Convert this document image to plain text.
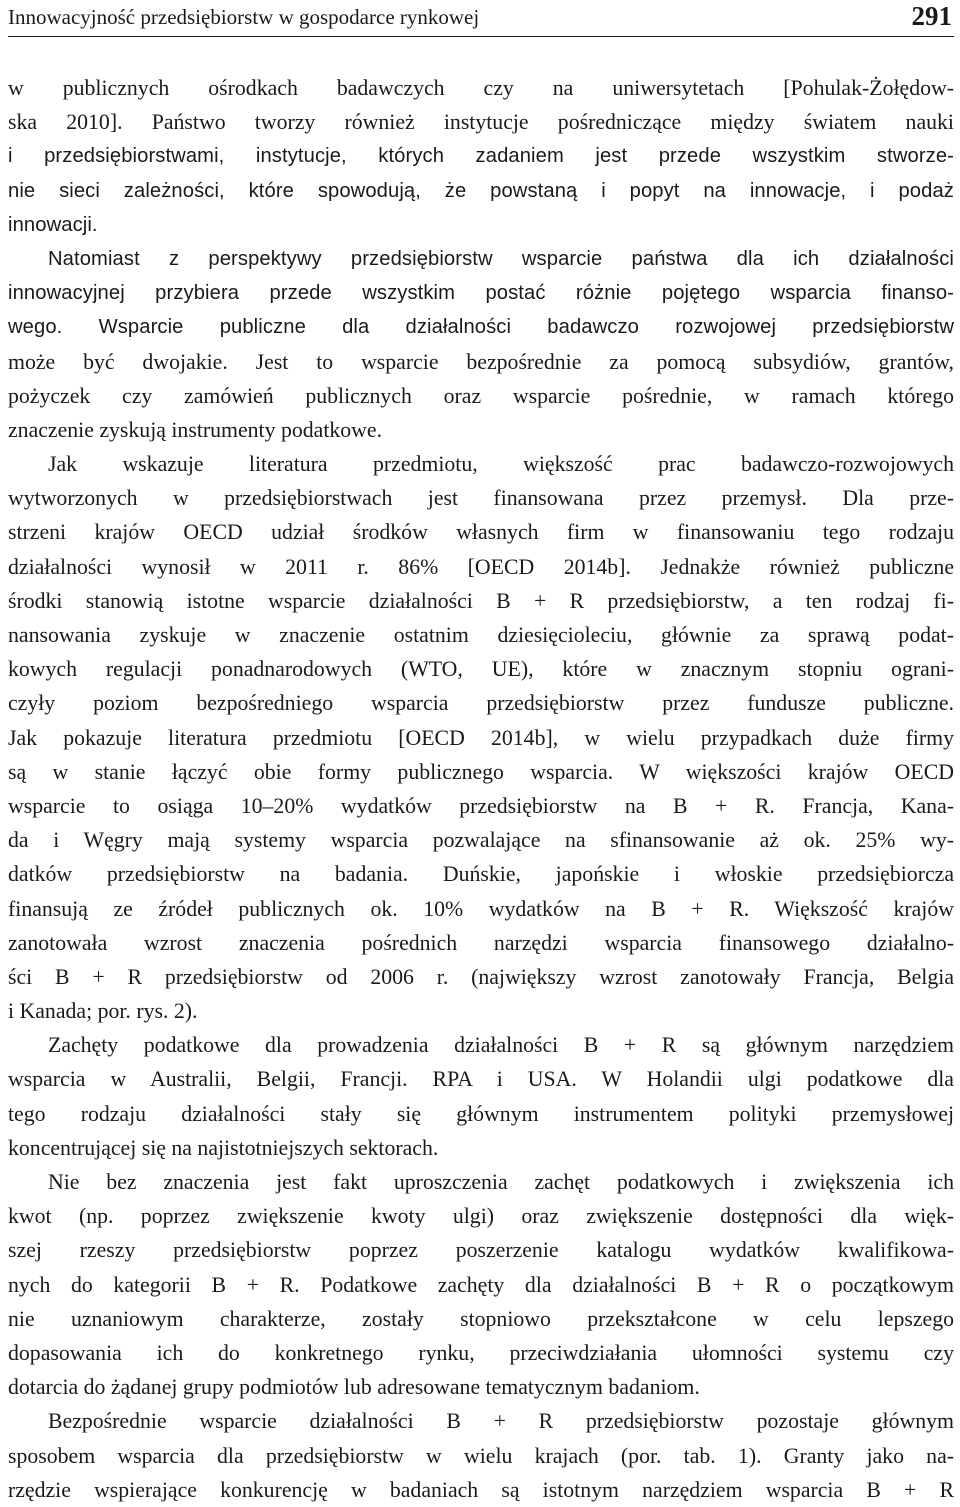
Innowacyjność przedsiębiorstw w gospodarce rynkowej	291
w publicznych ośrodkach badawczych czy na uniwersytetach [Pohulak-Żołędow-
ska 2010]. Państwo tworzy również instytucje pośredniczące między światem nauki
i przedsiębiorstwami, instytucje, których zadaniem jest przede wszystkim stworze-
nie sieci zależności, które spowodują, że powstaną i popyt na innowacje, i podaż
innowacji.
Natomiast z perspektywy przedsiębiorstw wsparcie państwa dla ich działalności
innowacyjnej przybiera przede wszystkim postać różnie pojętego wsparcia finanso-
wego. Wsparcie publiczne dla działalności badawczo rozwojowej przedsiębiorstw
może być dwojakie. Jest to wsparcie bezpośrednie za pomocą subsydiów, grantów,
pożyczek czy zamówień publicznych oraz wsparcie pośrednie, w ramach którego
znaczenie zyskują instrumenty podatkowe.
Jak wskazuje literatura przedmiotu, większość prac badawczo-rozwojowych
wytworzonych w przedsiębiorstwach jest finansowana przez przemysł. Dla prze-
strzeni krajów OECD udział środków własnych firm w finansowaniu tego rodzaju
działalności wynosił w 2011 r. 86% [OECD 2014b]. Jednakże również publiczne
środki stanowią istotne wsparcie działalności B + R przedsiębiorstw, a ten rodzaj fi-
nansowania zyskuje w znaczenie ostatnim dziesięcioleciu, głównie za sprawą podat-
kowych regulacji ponadnarodowych (WTO, UE), które w znacznym stopniu ograni-
czyły poziom bezpośredniego wsparcia przedsiębiorstw przez fundusze publiczne.
Jak pokazuje literatura przedmiotu [OECD 2014b], w wielu przypadkach duże firmy
są w stanie łączyć obie formy publicznego wsparcia. W większości krajów OECD
wsparcie to osiąga 10–20% wydatków przedsiębiorstw na B + R. Francja, Kana-
da i Węgry mają systemy wsparcia pozwalające na sfinansowanie aż ok. 25% wy-
datków przedsiębiorstw na badania. Duńskie, japońskie i włoskie przedsiębiorcza
finansują ze źródeł publicznych ok. 10% wydatków na B + R. Większość krajów
zanotowała wzrost znaczenia pośrednich narzędzi wsparcia finansowego działalno-
ści B + R przedsiębiorstw od 2006 r. (największy wzrost zanotowały Francja, Belgia
i Kanada; por. rys. 2).
Zachęty podatkowe dla prowadzenia działalności B + R są głównym narzędziem
wsparcia w Australii, Belgii, Francji. RPA i USA. W Holandii ulgi podatkowe dla
tego rodzaju działalności stały się głównym instrumentem polityki przemysłowej
koncentrującej się na najistotniejszych sektorach.
Nie bez znaczenia jest fakt uproszczenia zachęt podatkowych i zwiększenia ich
kwot (np. poprzez zwiększenie kwoty ulgi) oraz zwiększenie dostępności dla więk-
szej rzeszy przedsiębiorstw poprzez poszerzenie katalogu wydatków kwalifikowa-
nych do kategorii B + R. Podatkowe zachęty dla działalności B + R o początkowym
nie uznaniowym charakterze, zostały stopniowo przekształcone w celu lepszego
dopasowania ich do konkretnego rynku, przeciwdziałania ułomności systemu czy
dotarcia do żądanej grupy podmiotów lub adresowane tematycznym badaniom.
Bezpośrednie wsparcie działalności B + R przedsiębiorstw pozostaje głównym
sposobem wsparcia dla przedsiębiorstw w wielu krajach (por. tab. 1). Granty jako na-
rzędzie wspierające konkurencję w badaniach są istotnym narzędziem wsparcia B + R
